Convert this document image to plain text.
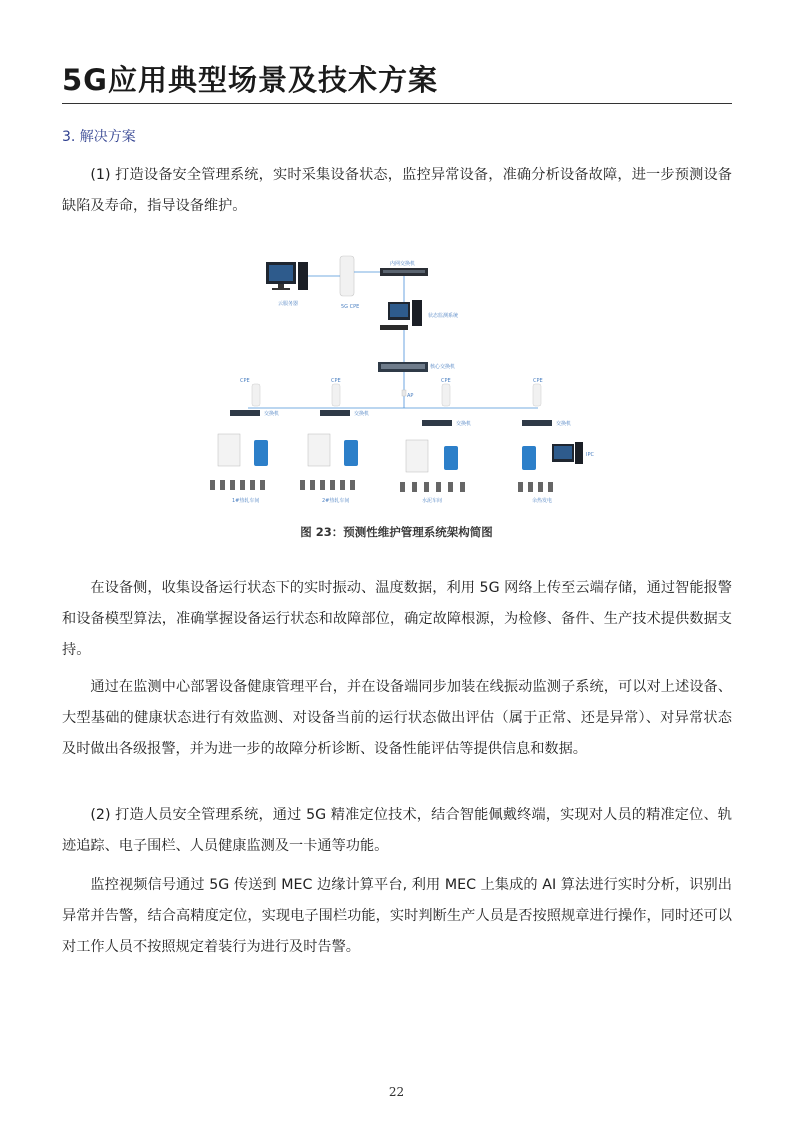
5G应用典型场景及技术方案
3. 解决方案

(1) 打造设备安全管理系统，实时采集设备状态，监控异常设备，准确分析设备故障，进一步预测设备缺陷及寿命，指导设备维护。

云服务器	5G CPE
内网交换机
状态监测系统
核心交换机
AP
CPE	CPE	CPE	CPE
交换机	交换机
交换机	交换机
1#热轧车间	2#热轧车间	水泥车间
IPC
余热发电
图 23：预测性维护管理系统架构简图

在设备侧，收集设备运行状态下的实时振动、温度数据，利用 5G 网络上传至云端存储，通过智能报警和设备模型算法，准确掌握设备运行状态和故障部位，确定故障根源，为检修、备件、生产技术提供数据支持。

通过在监测中心部署设备健康管理平台，并在设备端同步加装在线振动监测子系统，可以对上述设备、大型基础的健康状态进行有效监测、对设备当前的运行状态做出评估（属于正常、还是异常）、对异常状态及时做出各级报警，并为进一步的故障分析诊断、设备性能评估等提供信息和数据。

(2) 打造人员安全管理系统，通过 5G 精准定位技术，结合智能佩戴终端，实现对人员的精准定位、轨迹追踪、电子围栏、人员健康监测及一卡通等功能。

监控视频信号通过 5G 传送到 MEC 边缘计算平台, 利用 MEC 上集成的 AI 算法进行实时分析，识别出异常并告警，结合高精度定位，实现电子围栏功能，实时判断生产人员是否按照规章进行操作，同时还可以对工作人员不按照规定着装行为进行及时告警。

22
